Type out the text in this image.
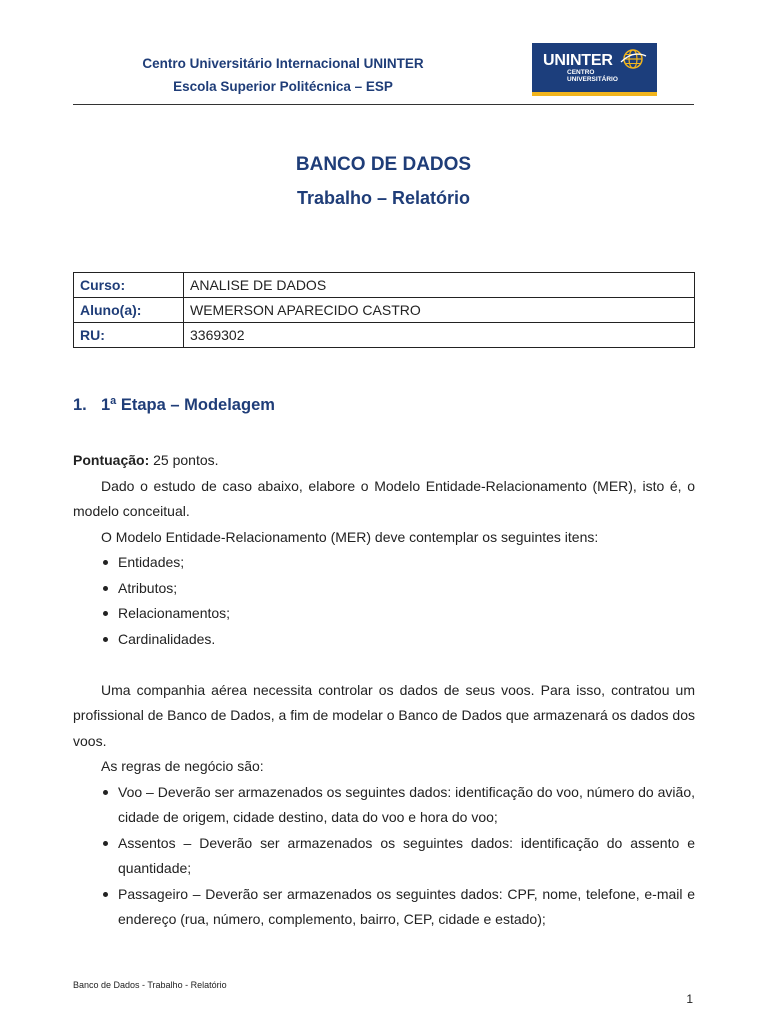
Centro Universitário Internacional UNINTER
Escola Superior Politécnica – ESP
UNINTER
CENTRO
UNIVERSITÁRIO
BANCO DE DADOS
Trabalho – Relatório
Curso:	ANALISE DE DADOS
Aluno(a):	WEMERSON APARECIDO CASTRO
RU:	3369302
1. 1ª Etapa – Modelagem
Pontuação: 25 pontos.
Dado o estudo de caso abaixo, elabore o Modelo Entidade-Relacionamento (MER), isto é, o modelo conceitual.
O Modelo Entidade-Relacionamento (MER) deve contemplar os seguintes itens:
Entidades;
Atributos;
Relacionamentos;
Cardinalidades.
Uma companhia aérea necessita controlar os dados de seus voos. Para isso, contratou um profissional de Banco de Dados, a fim de modelar o Banco de Dados que armazenará os dados dos voos.
As regras de negócio são:
Voo – Deverão ser armazenados os seguintes dados: identificação do voo, número do avião, cidade de origem, cidade destino, data do voo e hora do voo;
Assentos – Deverão ser armazenados os seguintes dados: identificação do assento e quantidade;
Passageiro – Deverão ser armazenados os seguintes dados: CPF, nome, telefone, e-mail e endereço (rua, número, complemento, bairro, CEP, cidade e estado);
Banco de Dados - Trabalho - Relatório
1
